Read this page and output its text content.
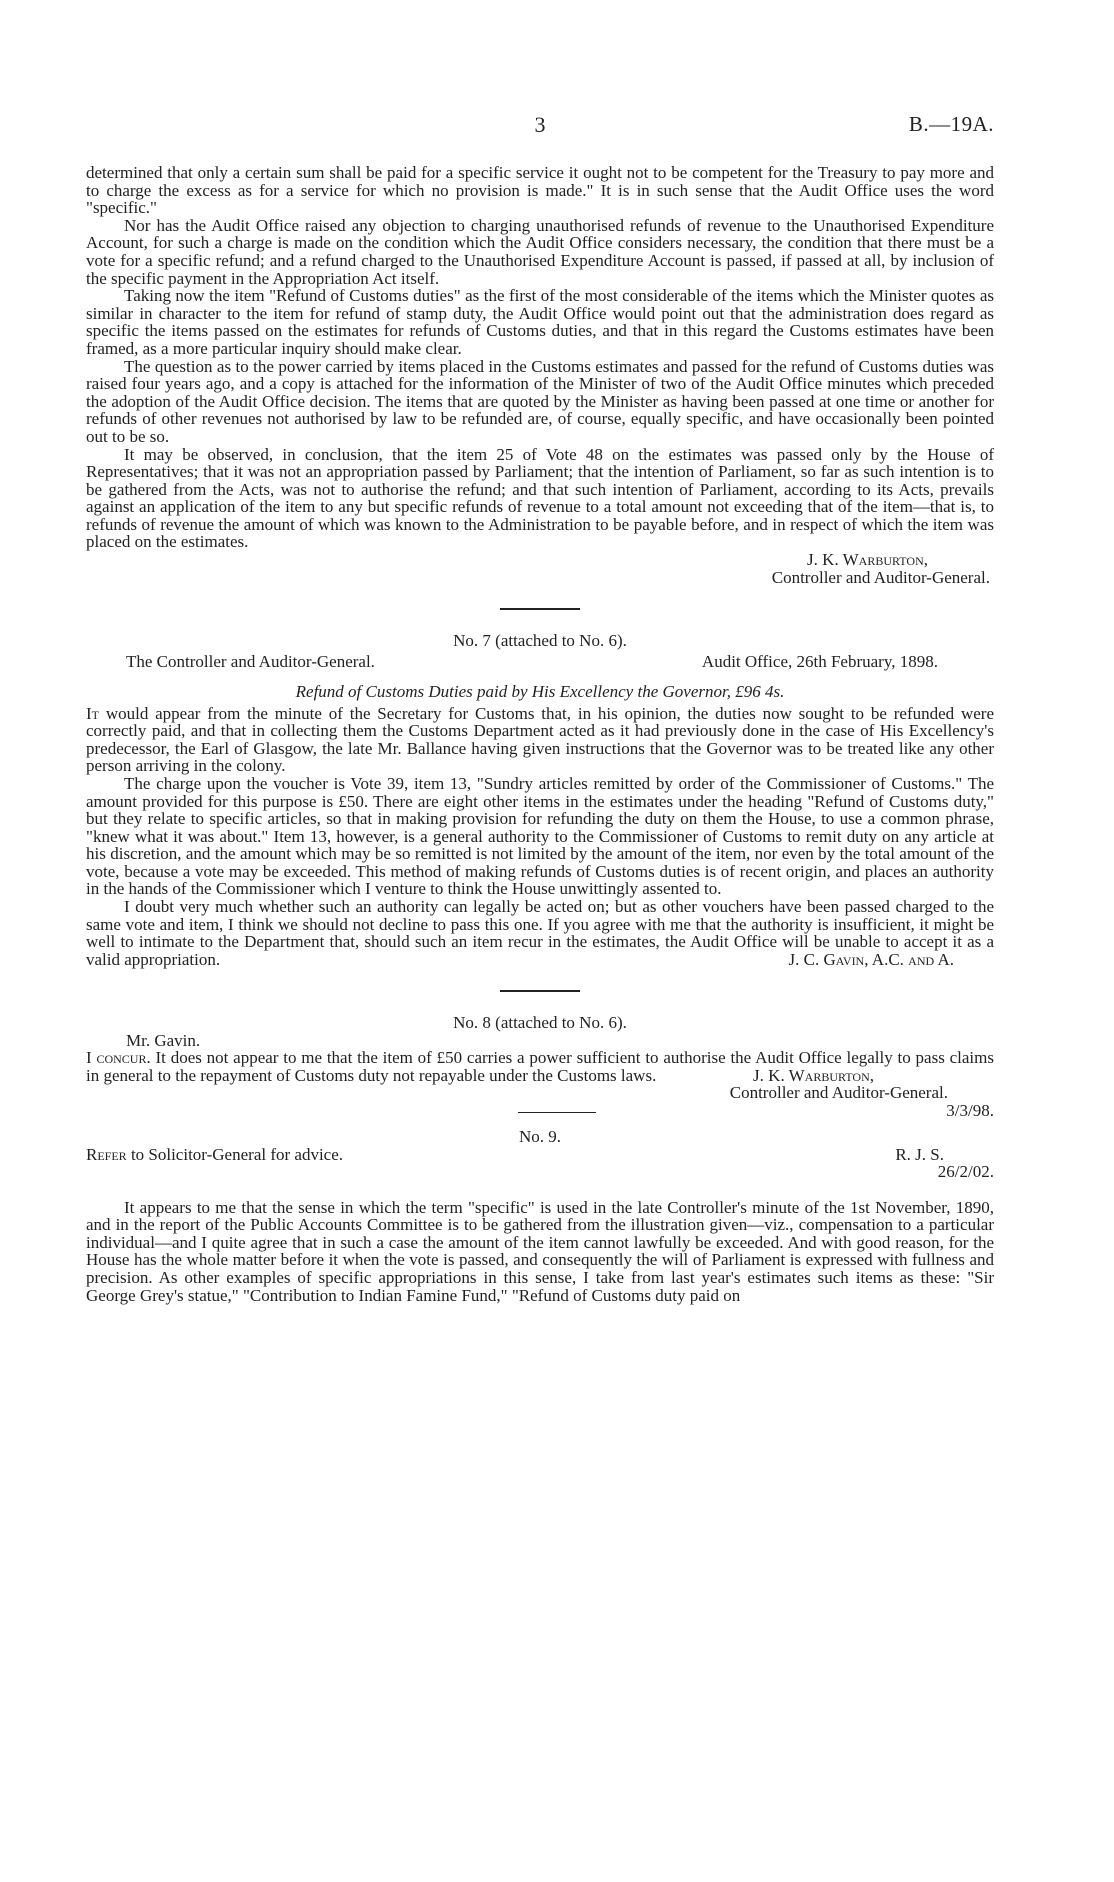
3	B.—19A.

determined that only a certain sum shall be paid for a specific service it ought not to be competent for the Treasury to pay more and to charge the excess as for a service for which no provision is made." It is in such sense that the Audit Office uses the word "specific."

Nor has the Audit Office raised any objection to charging unauthorised refunds of revenue to the Unauthorised Expenditure Account, for such a charge is made on the condition which the Audit Office considers necessary, the condition that there must be a vote for a specific refund; and a refund charged to the Unauthorised Expenditure Account is passed, if passed at all, by inclusion of the specific payment in the Appropriation Act itself.

Taking now the item "Refund of Customs duties" as the first of the most considerable of the items which the Minister quotes as similar in character to the item for refund of stamp duty, the Audit Office would point out that the administration does regard as specific the items passed on the estimates for refunds of Customs duties, and that in this regard the Customs estimates have been framed, as a more particular inquiry should make clear.

The question as to the power carried by items placed in the Customs estimates and passed for the refund of Customs duties was raised four years ago, and a copy is attached for the information of the Minister of two of the Audit Office minutes which preceded the adoption of the Audit Office decision. The items that are quoted by the Minister as having been passed at one time or another for refunds of other revenues not authorised by law to be refunded are, of course, equally specific, and have occasionally been pointed out to be so.

It may be observed, in conclusion, that the item 25 of Vote 48 on the estimates was passed only by the House of Representatives; that it was not an appropriation passed by Parliament; that the intention of Parliament, so far as such intention is to be gathered from the Acts, was not to authorise the refund; and that such intention of Parliament, according to its Acts, prevails against an application of the item to any but specific refunds of revenue to a total amount not exceeding that of the item—that is, to refunds of revenue the amount of which was known to the Administration to be payable before, and in respect of which the item was placed on the estimates.

J. K. Warburton,

Controller and Auditor-General.

No. 7 (attached to No. 6).

The Controller and Auditor-General.	Audit Office, 26th February, 1898.

Refund of Customs Duties paid by His Excellency the Governor, £96 4s.

It would appear from the minute of the Secretary for Customs that, in his opinion, the duties now sought to be refunded were correctly paid, and that in collecting them the Customs Department acted as it had previously done in the case of His Excellency's predecessor, the Earl of Glasgow, the late Mr. Ballance having given instructions that the Governor was to be treated like any other person arriving in the colony.

The charge upon the voucher is Vote 39, item 13, "Sundry articles remitted by order of the Commissioner of Customs." The amount provided for this purpose is £50. There are eight other items in the estimates under the heading "Refund of Customs duty," but they relate to specific articles, so that in making provision for refunding the duty on them the House, to use a common phrase, "knew what it was about." Item 13, however, is a general authority to the Commissioner of Customs to remit duty on any article at his discretion, and the amount which may be so remitted is not limited by the amount of the item, nor even by the total amount of the vote, because a vote may be exceeded. This method of making refunds of Customs duties is of recent origin, and places an authority in the hands of the Commissioner which I venture to think the House unwittingly assented to.

I doubt very much whether such an authority can legally be acted on; but as other vouchers have been passed charged to the same vote and item, I think we should not decline to pass this one. If you agree with me that the authority is insufficient, it might be well to intimate to the Department that, should such an item recur in the estimates, the Audit Office will be unable to accept it as a valid appropriation.	J. C. Gavin, A.C. and A.

No. 8 (attached to No. 6).

Mr. Gavin.

I concur. It does not appear to me that the item of £50 carries a power sufficient to authorise the Audit Office legally to pass claims in general to the repayment of Customs duty not repayable under the Customs laws.	J. K. Warburton,

Controller and Auditor-General.

3/3/98.

No. 9.

Refer to Solicitor-General for advice.	R. J. S.

26/2/02.

It appears to me that the sense in which the term "specific" is used in the late Controller's minute of the 1st November, 1890, and in the report of the Public Accounts Committee is to be gathered from the illustration given—viz., compensation to a particular individual—and I quite agree that in such a case the amount of the item cannot lawfully be exceeded. And with good reason, for the House has the whole matter before it when the vote is passed, and consequently the will of Parliament is expressed with fullness and precision. As other examples of specific appropriations in this sense, I take from last year's estimates such items as these: "Sir George Grey's statue," "Contribution to Indian Famine Fund," "Refund of Customs duty paid on
